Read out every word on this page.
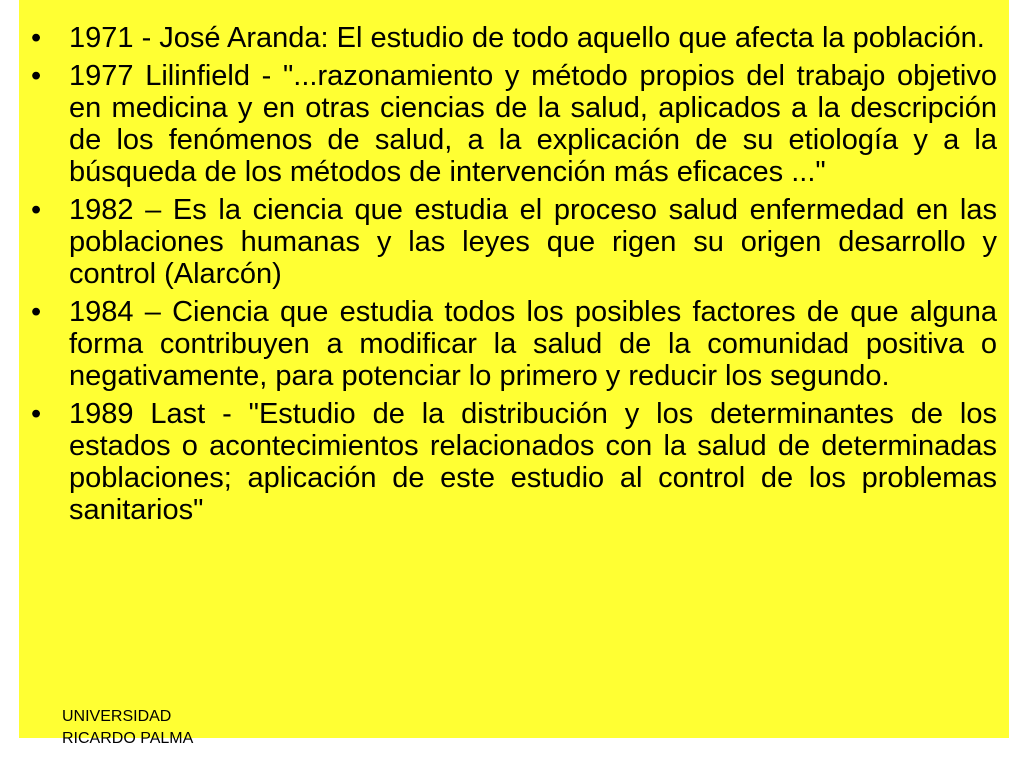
• 1971 - José Aranda: El estudio de todo aquello que afecta la población.
• 1977 Lilinfield - "...razonamiento y método propios del trabajo objetivo en medicina y en otras ciencias de la salud, aplicados a la descripción de los fenómenos de salud, a la explicación de su etiología y a la búsqueda de los métodos de intervención más eficaces ..."
• 1982 – Es la ciencia que estudia el proceso salud enfermedad en las poblaciones humanas y las leyes que rigen su origen desarrollo y control (Alarcón)
• 1984 – Ciencia que estudia todos los posibles factores de que alguna forma contribuyen a modificar la salud de la comunidad positiva o negativamente, para potenciar lo primero y reducir los segundo.
• 1989 Last - "Estudio de la distribución y los determinantes de los estados o acontecimientos relacionados con la salud de determinadas poblaciones; aplicación de este estudio al control de los problemas sanitarios"
UNIVERSIDAD
RICARDO PALMA
